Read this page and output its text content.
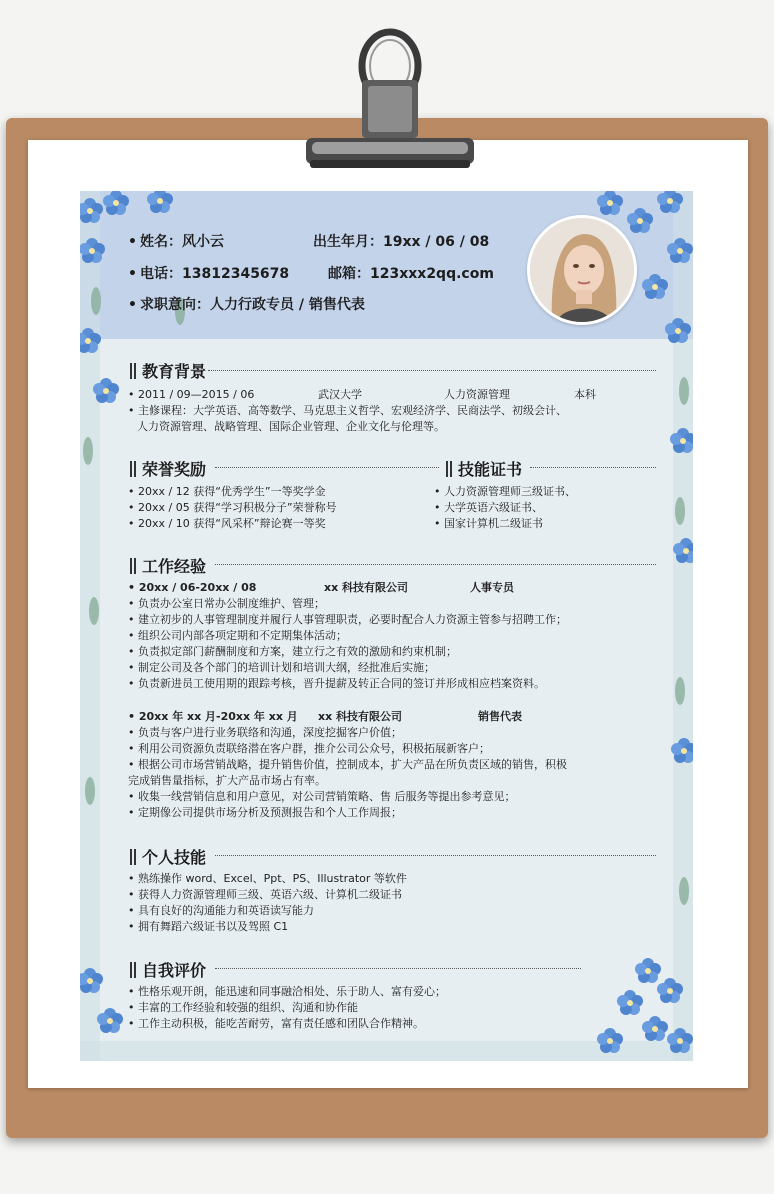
• 姓名：风小云	出生年月：19xx / 06 / 08
• 电话：13812345678	邮箱：123xxx2qq.com
• 求职意向：人力行政专员 / 销售代表
教育背景
• 2011 / 09—2015 / 06	武汉大学	人力资源管理	本科
• 主修课程：大学英语、高等数学、马克思主义哲学、宏观经济学、民商法学、初级会计、
人力资源管理、战略管理、国际企业管理、企业文化与伦理等。
荣誉奖励
• 20xx / 12 获得“优秀学生”一等奖学金
• 20xx / 05 获得“学习积极分子”荣誉称号
• 20xx / 10 获得“风采杯”辩论赛一等奖
技能证书
• 人力资源管理师三级证书、
• 大学英语六级证书、
• 国家计算机二级证书
工作经验
• 20xx / 06-20xx / 08	xx 科技有限公司	人事专员
• 负责办公室日常办公制度维护、管理；
• 建立初步的人事管理制度并履行人事管理职责，必要时配合人力资源主管参与招聘工作；
• 组织公司内部各项定期和不定期集体活动；
• 负责拟定部门薪酬制度和方案，建立行之有效的激励和约束机制；
• 制定公司及各个部门的培训计划和培训大纲，经批准后实施；
• 负责新进员工使用期的跟踪考核，晋升提薪及转正合同的签订并形成相应档案资料。
• 20xx 年 xx 月-20xx 年 xx 月 xx 科技有限公司	销售代表
• 负责与客户进行业务联络和沟通，深度挖掘客户价值；
• 利用公司资源负责联络潜在客户群，推介公司公众号，积极拓展新客户；
• 根据公司市场营销战略，提升销售价值，控制成本，扩大产品在所负责区域的销售，积极
完成销售量指标，扩大产品市场占有率。
• 收集一线营销信息和用户意见，对公司营销策略、售 后服务等提出参考意见；
• 定期像公司提供市场分析及预测报告和个人工作周报；
个人技能
• 熟练操作 word、Excel、Ppt、PS、Illustrator 等软件
• 获得人力资源管理师三级、英语六级、计算机二级证书
• 具有良好的沟通能力和英语读写能力
• 拥有舞蹈六级证书以及驾照 C1
自我评价
• 性格乐观开朗，能迅速和同事融洽相处、乐于助人、富有爱心；
• 丰富的工作经验和较强的组织、沟通和协作能
• 工作主动积极，能吃苦耐劳，富有责任感和团队合作精神。
